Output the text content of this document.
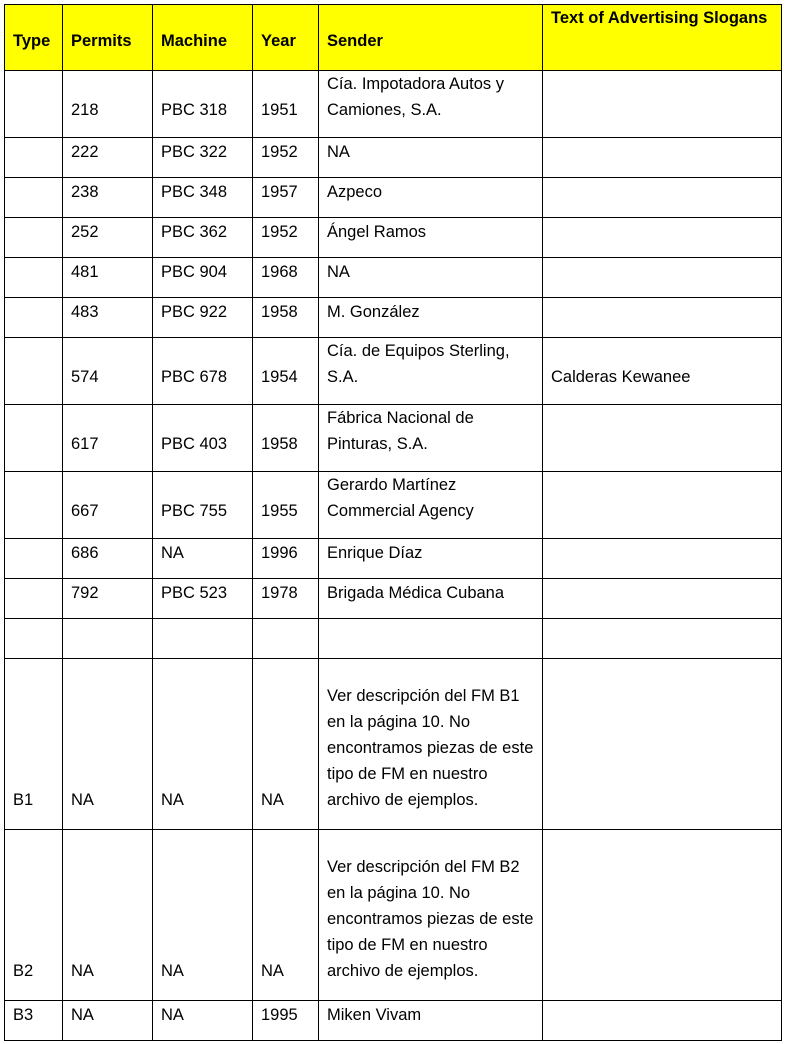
Type	Permits	Machine	Year	Sender	Text of Advertising Slogans
	218	PBC 318	1951	Cía. Impotadora Autos y Camiones, S.A.	
	222	PBC 322	1952	NA	
	238	PBC 348	1957	Azpeco	
	252	PBC 362	1952	Ángel Ramos	
	481	PBC 904	1968	NA	
	483	PBC 922	1958	M. González	
	574	PBC 678	1954	Cía. de Equipos Sterling, S.A.	Calderas Kewanee
	617	PBC 403	1958	Fábrica Nacional de Pinturas, S.A.	
	667	PBC 755	1955	Gerardo Martínez Commercial Agency	
	686	NA	1996	Enrique Díaz	
	792	PBC 523	1978	Brigada Médica Cubana	

B1	NA	NA	NA	Ver descripción del FM B1 en la página 10. No encontramos piezas de este tipo de FM en nuestro archivo de ejemplos.	
B2	NA	NA	NA	Ver descripción del FM B2 en la página 10. No encontramos piezas de este tipo de FM en nuestro archivo de ejemplos.	
B3	NA	NA	1995	Miken Vivam	
